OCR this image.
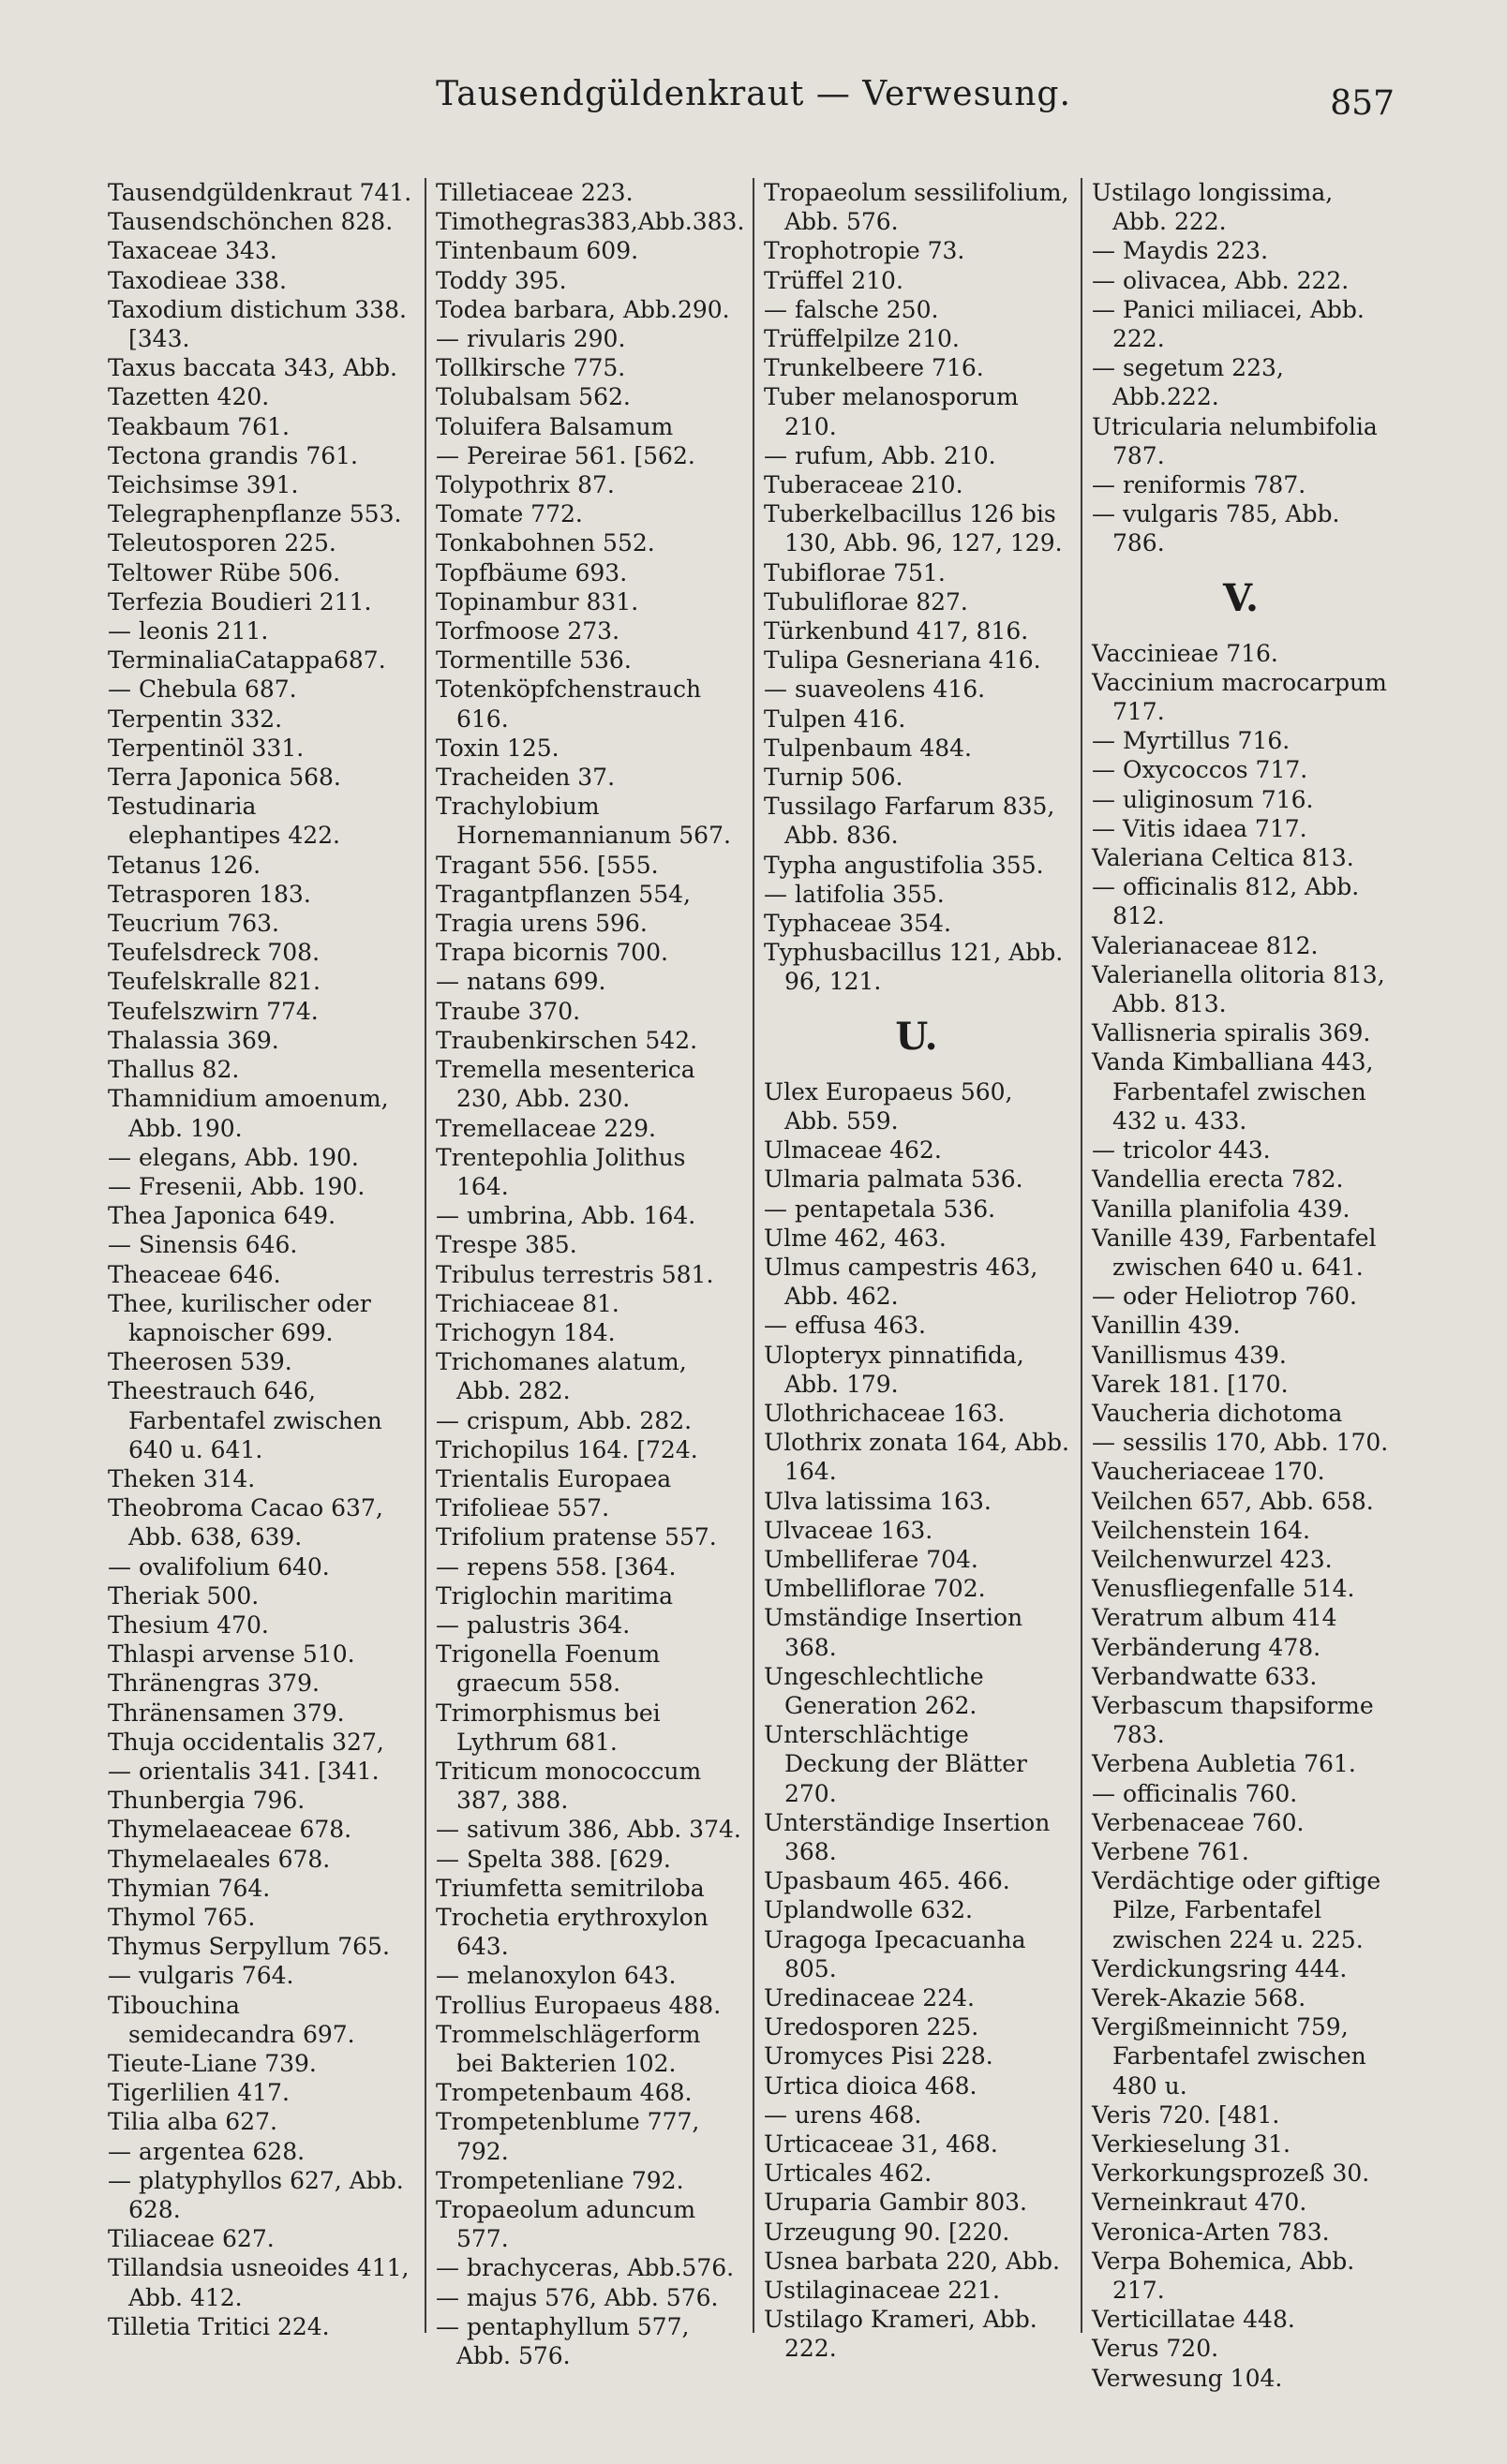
Tausendgüldenkraut — Verwesung.	857
Tausendgüldenkraut 741.
Tausendschönchen 828.
Taxaceae 343.
Taxodieae 338.
Taxodium distichum 338. [343.
Taxus baccata 343, Abb.
Tazetten 420.
Teakbaum 761.
Tectona grandis 761.
Teichsimse 391.
Telegraphenpflanze 553.
Teleutosporen 225.
Teltower Rübe 506.
Terfezia Boudieri 211.
— leonis 211.
TerminaliaCatappa687.
— Chebula 687.
Terpentin 332.
Terpentinöl 331.
Terra Japonica 568.
Testudinaria elephantipes 422.
Tetanus 126.
Tetrasporen 183.
Teucrium 763.
Teufelsdreck 708.
Teufelskralle 821.
Teufelszwirn 774.
Thalassia 369.
Thallus 82.
Thamnidium amoenum, Abb. 190.
— elegans, Abb. 190.
— Fresenii, Abb. 190.
Thea Japonica 649.
— Sinensis 646.
Theaceae 646.
Thee, kurilischer oder kapnoischer 699.
Theerosen 539.
Theestrauch 646, Farbentafel zwischen 640 u. 641.
Theken 314.
Theobroma Cacao 637, Abb. 638, 639.
— ovalifolium 640.
Theriak 500.
Thesium 470.
Thlaspi arvense 510.
Thränengras 379.
Thränensamen 379.
Thuja occidentalis 327,
— orientalis 341. [341.
Thunbergia 796.
Thymelaeaceae 678.
Thymelaeales 678.
Thymian 764.
Thymol 765.
Thymus Serpyllum 765.
— vulgaris 764.
Tibouchina semidecandra 697.
Tieute-Liane 739.
Tigerlilien 417.
Tilia alba 627.
— argentea 628.
— platyphyllos 627, Abb. 628.
Tiliaceae 627.
Tillandsia usneoides 411, Abb. 412.
Tilletia Tritici 224.
Tilletiaceae 223.
Timothegras383,Abb.383.
Tintenbaum 609.
Toddy 395.
Todea barbara, Abb.290.
— rivularis 290.
Tollkirsche 775.
Tolubalsam 562.
Toluifera Balsamum
— Pereirae 561. [562.
Tolypothrix 87.
Tomate 772.
Tonkabohnen 552.
Topfbäume 693.
Topinambur 831.
Torfmoose 273.
Tormentille 536.
Totenköpfchenstrauch 616.
Toxin 125.
Tracheiden 37.
Trachylobium Hornemannianum 567.
Tragant 556. [555.
Tragantpflanzen 554,
Tragia urens 596.
Trapa bicornis 700.
— natans 699.
Traube 370.
Traubenkirschen 542.
Tremella mesenterica 230, Abb. 230.
Tremellaceae 229.
Trentepohlia Jolithus 164.
— umbrina, Abb. 164.
Trespe 385.
Tribulus terrestris 581.
Trichiaceae 81.
Trichogyn 184.
Trichomanes alatum, Abb. 282.
— crispum, Abb. 282.
Trichopilus 164. [724.
Trientalis Europaea
Trifolieae 557.
Trifolium pratense 557.
— repens 558. [364.
Triglochin maritima
— palustris 364.
Trigonella Foenum graecum 558.
Trimorphismus bei Lythrum 681.
Triticum monococcum 387, 388.
— sativum 386, Abb. 374.
— Spelta 388. [629.
Triumfetta semitriloba
Trochetia erythroxylon 643.
— melanoxylon 643.
Trollius Europaeus 488.
Trommelschlägerform bei Bakterien 102.
Trompetenbaum 468.
Trompetenblume 777, 792.
Trompetenliane 792.
Tropaeolum aduncum 577.
— brachyceras, Abb.576.
— majus 576, Abb. 576.
— pentaphyllum 577, Abb. 576.
Tropaeolum sessilifolium, Abb. 576.
Trophotropie 73.
Trüffel 210.
— falsche 250.
Trüffelpilze 210.
Trunkelbeere 716.
Tuber melanosporum 210.
— rufum, Abb. 210.
Tuberaceae 210.
Tuberkelbacillus 126 bis 130, Abb. 96, 127, 129.
Tubiflorae 751.
Tubuliflorae 827.
Türkenbund 417, 816.
Tulipa Gesneriana 416.
— suaveolens 416.
Tulpen 416.
Tulpenbaum 484.
Turnip 506.
Tussilago Farfarum 835, Abb. 836.
Typha angustifolia 355.
— latifolia 355.
Typhaceae 354.
Typhusbacillus 121, Abb. 96, 121.
U.
Ulex Europaeus 560, Abb. 559.
Ulmaceae 462.
Ulmaria palmata 536.
— pentapetala 536.
Ulme 462, 463.
Ulmus campestris 463, Abb. 462.
— effusa 463.
Ulopteryx pinnatifida, Abb. 179.
Ulothrichaceae 163.
Ulothrix zonata 164, Abb. 164.
Ulva latissima 163.
Ulvaceae 163.
Umbelliferae 704.
Umbelliflorae 702.
Umständige Insertion 368.
Ungeschlechtliche Generation 262.
Unterschlächtige Deckung der Blätter 270.
Unterständige Insertion 368.
Upasbaum 465. 466.
Uplandwolle 632.
Uragoga Ipecacuanha 805.
Uredinaceae 224.
Uredosporen 225.
Uromyces Pisi 228.
Urtica dioica 468.
— urens 468.
Urticaceae 31, 468.
Urticales 462.
Uruparia Gambir 803.
Urzeugung 90. [220.
Usnea barbata 220, Abb.
Ustilaginaceae 221.
Ustilago Krameri, Abb. 222.
Ustilago longissima, Abb. 222.
— Maydis 223.
— olivacea, Abb. 222.
— Panici miliacei, Abb. 222.
— segetum 223, Abb.222.
Utricularia nelumbifolia 787.
— reniformis 787.
— vulgaris 785, Abb. 786.
V.
Vaccinieae 716.
Vaccinium macrocarpum 717.
— Myrtillus 716.
— Oxycoccos 717.
— uliginosum 716.
— Vitis idaea 717.
Valeriana Celtica 813.
— officinalis 812, Abb. 812.
Valerianaceae 812.
Valerianella olitoria 813, Abb. 813.
Vallisneria spiralis 369.
Vanda Kimballiana 443, Farbentafel zwischen 432 u. 433.
— tricolor 443.
Vandellia erecta 782.
Vanilla planifolia 439.
Vanille 439, Farbentafel zwischen 640 u. 641.
— oder Heliotrop 760.
Vanillin 439.
Vanillismus 439.
Varek 181. [170.
Vaucheria dichotoma
— sessilis 170, Abb. 170.
Vaucheriaceae 170.
Veilchen 657, Abb. 658.
Veilchenstein 164.
Veilchenwurzel 423.
Venusfliegenfalle 514.
Veratrum album 414
Verbänderung 478.
Verbandwatte 633.
Verbascum thapsiforme 783.
Verbena Aubletia 761.
— officinalis 760.
Verbenaceae 760.
Verbene 761.
Verdächtige oder giftige Pilze, Farbentafel zwischen 224 u. 225.
Verdickungsring 444.
Verek-Akazie 568.
Vergißmeinnicht 759, Farbentafel zwischen 480 u.
Veris 720. [481.
Verkieselung 31.
Verkorkungsprozeß 30.
Verneinkraut 470.
Veronica-Arten 783.
Verpa Bohemica, Abb. 217.
Verticillatae 448.
Verus 720.
Verwesung 104.
